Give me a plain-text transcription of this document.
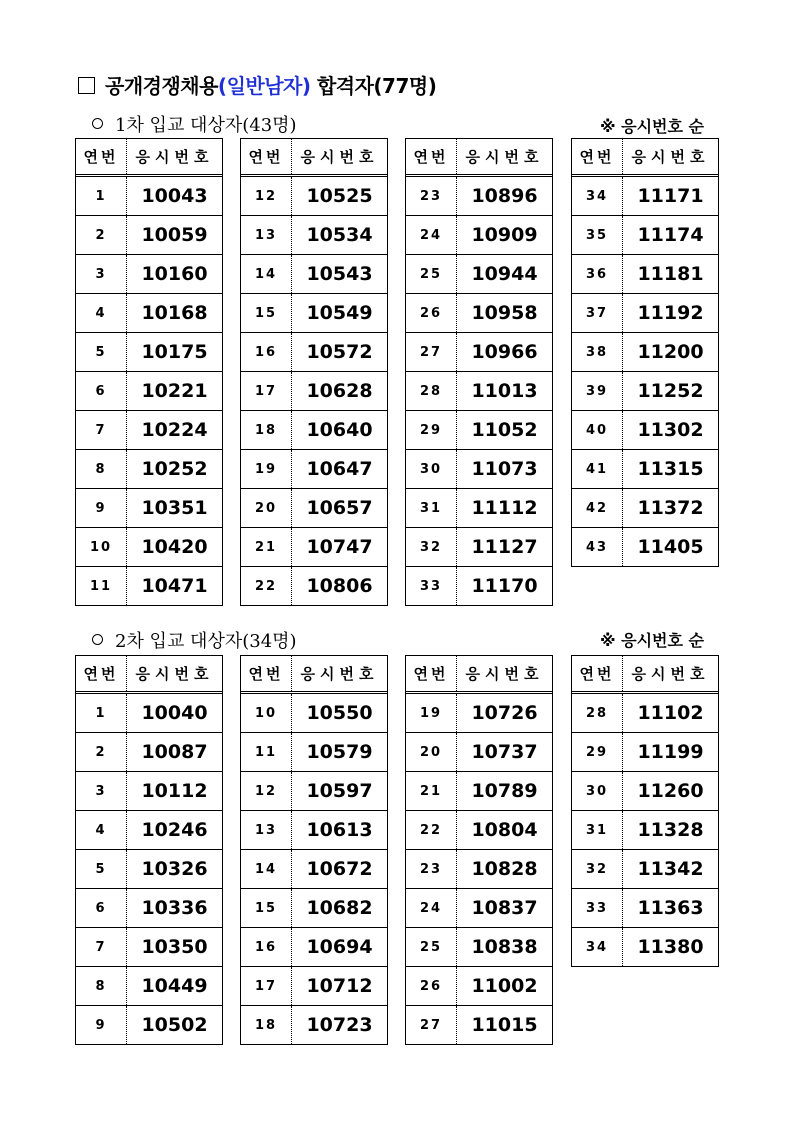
공개경쟁채용(일반남자) 합격자(77명)
1차 입교 대상자(43명)	※ 응시번호 순
연번	응시번호
1	10043
2	10059
3	10160
4	10168
5	10175
6	10221
7	10224
8	10252
9	10351
10	10420
11	10471
연번	응시번호
12	10525
13	10534
14	10543
15	10549
16	10572
17	10628
18	10640
19	10647
20	10657
21	10747
22	10806
연번	응시번호
23	10896
24	10909
25	10944
26	10958
27	10966
28	11013
29	11052
30	11073
31	11112
32	11127
33	11170
연번	응시번호
34	11171
35	11174
36	11181
37	11192
38	11200
39	11252
40	11302
41	11315
42	11372
43	11405
2차 입교 대상자(34명)	※ 응시번호 순
연번	응시번호
1	10040
2	10087
3	10112
4	10246
5	10326
6	10336
7	10350
8	10449
9	10502
연번	응시번호
10	10550
11	10579
12	10597
13	10613
14	10672
15	10682
16	10694
17	10712
18	10723
연번	응시번호
19	10726
20	10737
21	10789
22	10804
23	10828
24	10837
25	10838
26	11002
27	11015
연번	응시번호
28	11102
29	11199
30	11260
31	11328
32	11342
33	11363
34	11380
